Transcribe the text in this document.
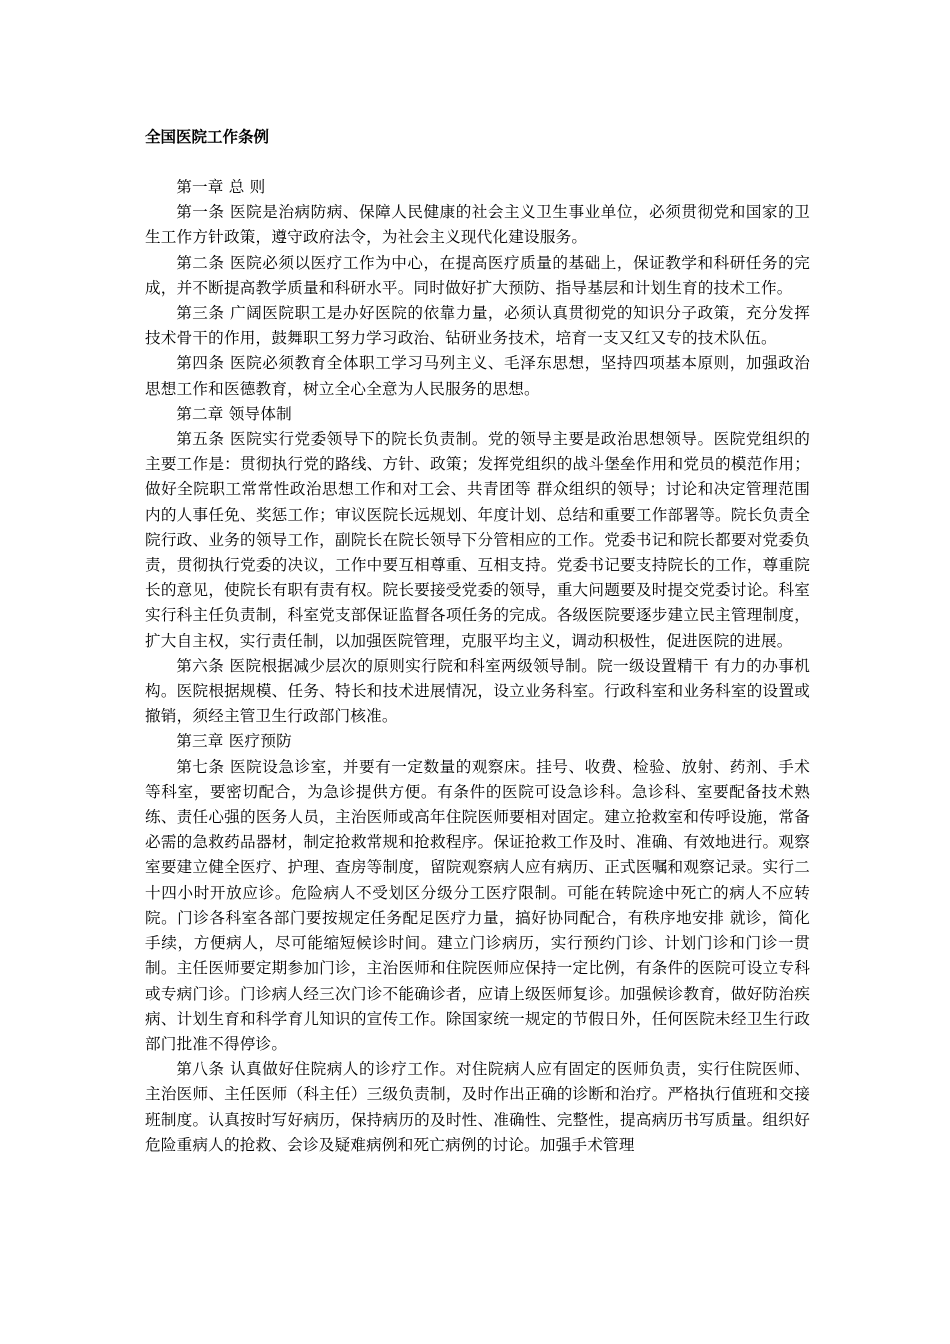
全国医院工作条例

第一章 总 则

第一条 医院是治病防病、保障人民健康的社会主义卫生事业单位，必须贯彻党和国家的卫生工作方针政策，遵守政府法令，为社会主义现代化建设服务。

第二条 医院必须以医疗工作为中心，在提高医疗质量的基础上，保证教学和科研任务的完成，并不断提高教学质量和科研水平。同时做好扩大预防、指导基层和计划生育的技术工作。

第三条 广阔医院职工是办好医院的依靠力量，必须认真贯彻党的知识分子政策，充分发挥技术骨干的作用，鼓舞职工努力学习政治、钻研业务技术，培育一支又红又专的技术队伍。

第四条 医院必须教育全体职工学习马列主义、毛泽东思想，坚持四项基本原则，加强政治思想工作和医德教育，树立全心全意为人民服务的思想。

第二章 领导体制

第五条 医院实行党委领导下的院长负责制。党的领导主要是政治思想领导。医院党组织的主要工作是：贯彻执行党的路线、方针、政策；发挥党组织的战斗堡垒作用和党员的模范作用；做好全院职工常常性政治思想工作和对工会、共青团等 群众组织的领导；讨论和决定管理范围内的人事任免、奖惩工作；审议医院长远规划、年度计划、总结和重要工作部署等。院长负责全院行政、业务的领导工作，副院长在院长领导下分管相应的工作。党委书记和院长都要对党委负责，贯彻执行党委的决议，工作中要互相尊重、互相支持。党委书记要支持院长的工作，尊重院长的意见，使院长有职有责有权。院长要接受党委的领导，重大问题要及时提交党委讨论。科室实行科主任负责制，科室党支部保证监督各项任务的完成。各级医院要逐步建立民主管理制度，扩大自主权，实行责任制，以加强医院管理，克服平均主义，调动积极性，促进医院的进展。

第六条 医院根据减少层次的原则实行院和科室两级领导制。院一级设置精干 有力的办事机构。医院根据规模、任务、特长和技术进展情况，设立业务科室。行政科室和业务科室的设置或撤销，须经主管卫生行政部门核准。

第三章 医疗预防

第七条 医院设急诊室，并要有一定数量的观察床。挂号、收费、检验、放射、药剂、手术等科室，要密切配合，为急诊提供方便。有条件的医院可设急诊科。急诊科、室要配备技术熟练、责任心强的医务人员，主治医师或高年住院医师要相对固定。建立抢救室和传呼设施，常备必需的急救药品器材，制定抢救常规和抢救程序。保证抢救工作及时、准确、有效地进行。观察室要建立健全医疗、护理、查房等制度，留院观察病人应有病历、正式医嘱和观察记录。实行二十四小时开放应诊。危险病人不受划区分级分工医疗限制。可能在转院途中死亡的病人不应转院。门诊各科室各部门要按规定任务配足医疗力量，搞好协同配合，有秩序地安排 就诊，简化手续，方便病人，尽可能缩短候诊时间。建立门诊病历，实行预约门诊、计划门诊和门诊一贯制。主任医师要定期参加门诊，主治医师和住院医师应保持一定比例，有条件的医院可设立专科或专病门诊。门诊病人经三次门诊不能确诊者，应请上级医师复诊。加强候诊教育，做好防治疾病、计划生育和科学育儿知识的宣传工作。除国家统一规定的节假日外，任何医院未经卫生行政部门批准不得停诊。

第八条 认真做好住院病人的诊疗工作。对住院病人应有固定的医师负责，实行住院医师、主治医师、主任医师（科主任）三级负责制，及时作出正确的诊断和治疗。严格执行值班和交接班制度。认真按时写好病历，保持病历的及时性、准确性、完整性，提高病历书写质量。组织好危险重病人的抢救、会诊及疑难病例和死亡病例的讨论。加强手术管理
